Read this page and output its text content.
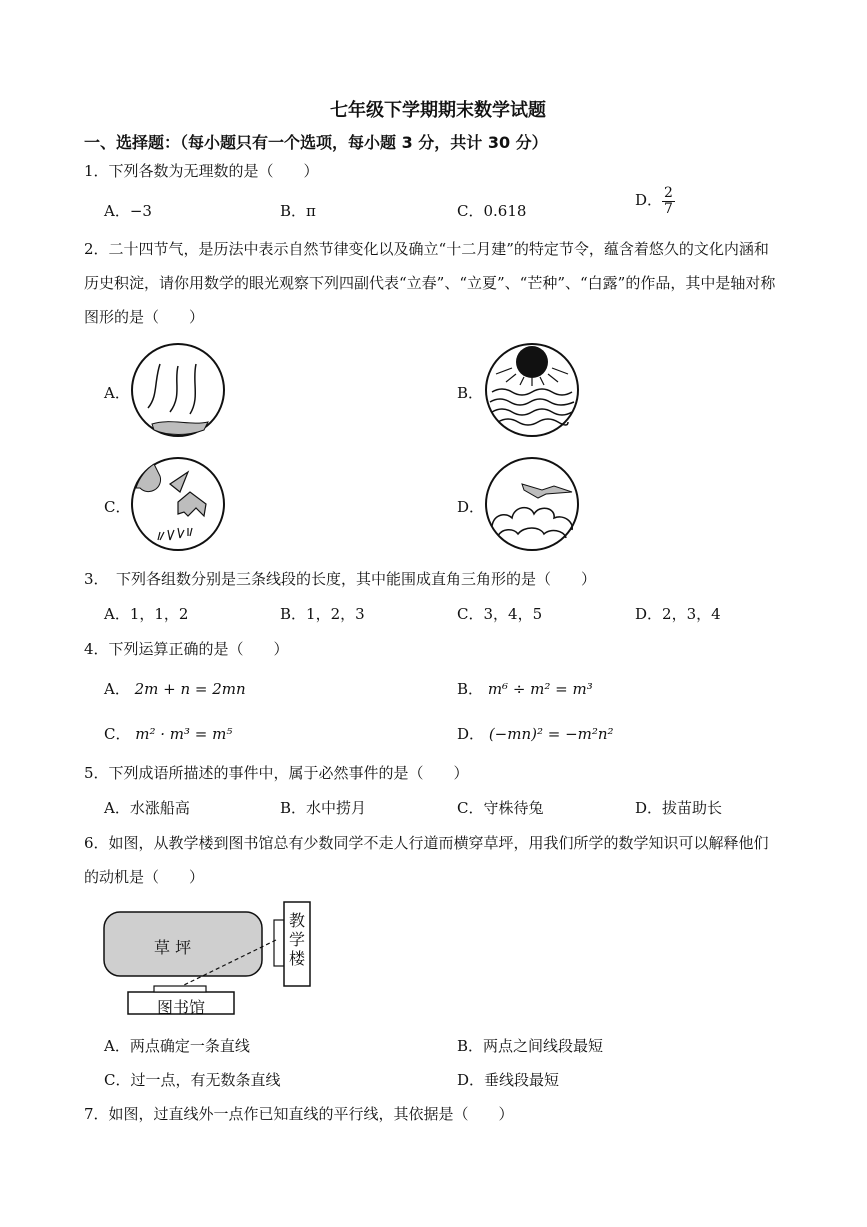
七年级下学期期末数学试题
一、选择题：（每小题只有一个选项，每小题 3 分，共计 30 分）
1．下列各数为无理数的是（　　）
A．−3	B．π	C．0.618
D． $\frac{2}{7}$
2．二十四节气，是历法中表示自然节律变化以及确立“十二月建”的特定节令，蕴含着悠久的文化内涵和
历史积淀，请你用数学的眼光观察下列四副代表“立春”、“立夏”、“芒种”、“白露”的作品，其中是轴对称
图形的是（　　）
A．	B．
C．	D．
3．　下列各组数分别是三条线段的长度，其中能围成直角三角形的是（　　）
A．1，1，2	B．1，2，3	C．3，4，5	D．2，3，4
4．下列运算正确的是（　　）
A． 2m + n = 2mn	B． m⁶ ÷ m² = m³
C． m² · m³ = m⁵	D． (−mn)² = −m²n²
5．下列成语所描述的事件中，属于必然事件的是（　　）
A．水涨船高	B．水中捞月	C．守株待兔	D．拔苗助长
6．如图，从教学楼到图书馆总有少数同学不走人行道而横穿草坪，用我们所学的数学知识可以解释他们
的动机是（　　）
草 坪
教
学
楼
图书馆
A．两点确定一条直线	B．两点之间线段最短
C．过一点，有无数条直线	D．垂线段最短
7．如图，过直线外一点作已知直线的平行线，其依据是（　　）
